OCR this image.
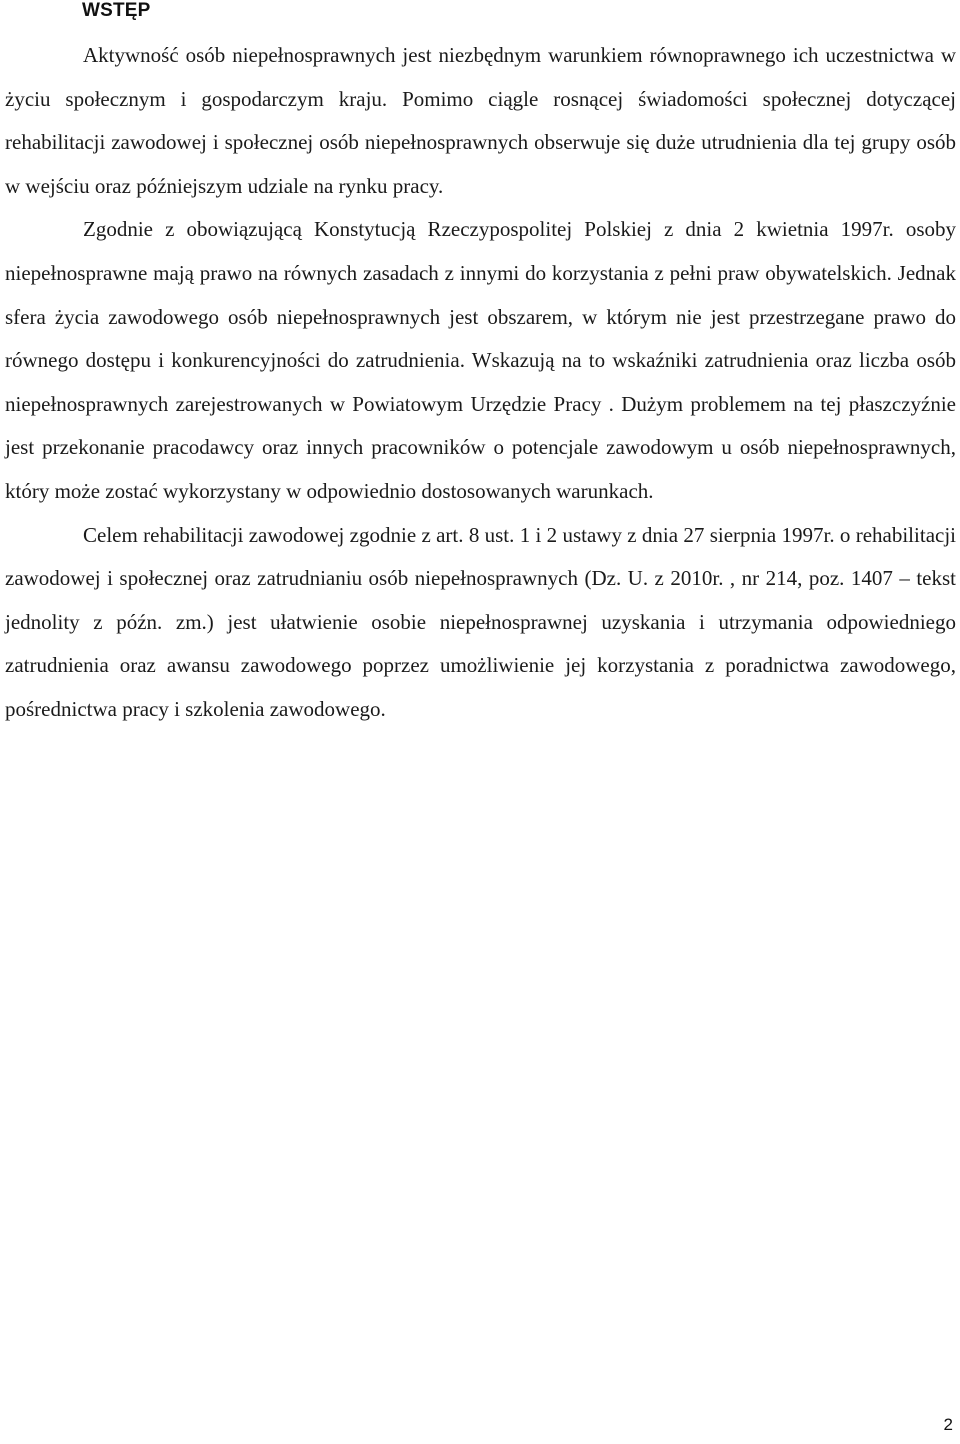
WSTĘP

Aktywność osób niepełnosprawnych jest niezbędnym warunkiem równoprawnego ich uczestnictwa w życiu społecznym i gospodarczym kraju. Pomimo ciągle rosnącej świadomości społecznej dotyczącej rehabilitacji zawodowej i społecznej osób niepełnosprawnych obserwuje się duże utrudnienia dla tej grupy osób w wejściu oraz późniejszym udziale na rynku pracy.

Zgodnie z obowiązującą Konstytucją Rzeczypospolitej Polskiej z dnia 2 kwietnia 1997r. osoby niepełnosprawne mają prawo na równych zasadach z innymi do korzystania z pełni praw obywatelskich. Jednak sfera życia zawodowego osób niepełnosprawnych jest obszarem, w którym nie jest przestrzegane prawo do równego dostępu i konkurencyjności do zatrudnienia. Wskazują na to wskaźniki zatrudnienia oraz liczba osób niepełnosprawnych zarejestrowanych w Powiatowym Urzędzie Pracy . Dużym problemem na tej płaszczyźnie jest przekonanie pracodawcy oraz innych pracowników o potencjale zawodowym u osób niepełnosprawnych, który może zostać wykorzystany w odpowiednio dostosowanych warunkach.

Celem rehabilitacji zawodowej zgodnie z art. 8 ust. 1 i 2 ustawy z dnia 27 sierpnia 1997r. o rehabilitacji zawodowej i społecznej oraz zatrudnianiu osób niepełnosprawnych (Dz. U. z 2010r. , nr 214, poz. 1407 – tekst jednolity z późn. zm.) jest ułatwienie osobie niepełnosprawnej uzyskania i utrzymania odpowiedniego zatrudnienia oraz awansu zawodowego poprzez umożliwienie jej korzystania z poradnictwa zawodowego, pośrednictwa pracy i szkolenia zawodowego.

2
